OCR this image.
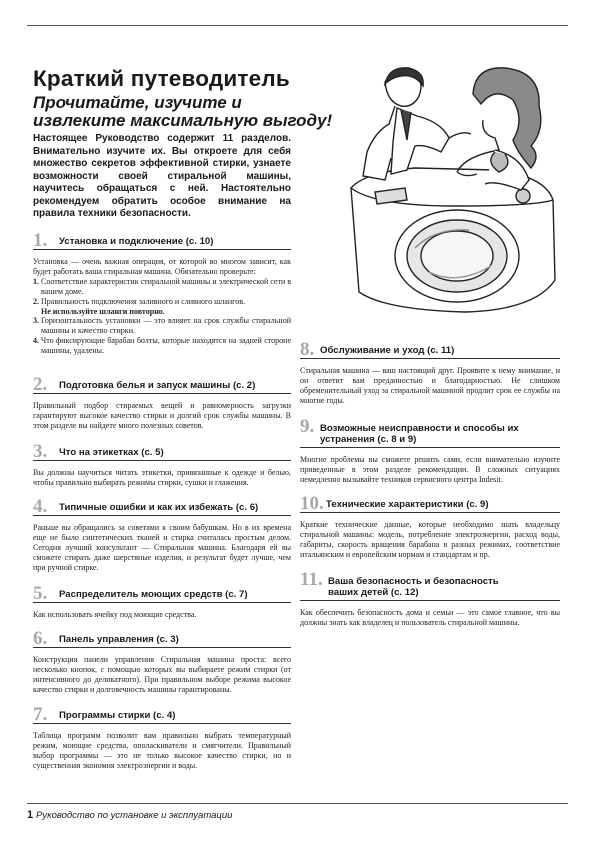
Краткий путеводитель
Прочитайте, изучите и извлеките максимальную выгоду!

Настоящее Руководство содержит 11 разделов. Внимательно изучите их. Вы откроете для себя множество секретов эффективной стирки, узнаете возможности своей стиральной машины, научитесь обращаться с ней. Настоятельно рекомендуем обратить особое внимание на правила техники безопасности.

1. Установка и подключение (с. 10)

Установка — очень важная операция, от которой во многом зависит, как будет работать ваша стиральная машина. Обязательно проверьте:

1. Соответствие характеристик стиральной машины и электрической сети в вашем доме.
2. Правильность подключения заливного и сливного шлангов.
Не используйте шланги повторно.
3. Горизонтальность установки — это влияет на срок службы стиральной машины и качество стирки.
4. Что фиксирующие барабан болты, которые находятся на задней стороне машины, удалены.
2. Подготовка белья и запуск машины (с. 2)

Правильный подбор стираемых вещей и равномерность загрузки гарантируют высокое качество стирки и долгий срок службы машины. В этом разделе вы найдете много полезных советов.

3. Что на этикетках (с. 5)

Вы должны научиться читать этикетки, привязанные к одежде и белью, чтобы правильно выбирать режимы стирки, сушки и глажения.

4. Типичные ошибки и как их избежать (с. 6)

Раньше вы обращались за советами к своим бабушкам. Но в их времена еще не было синтетических тканей и стирка считалась простым делом. Сегодня лучший консультант — Стиральная машина. Благодаря ей вы сможете стирать даже шерстяные изделия, и результат будет лучше, чем при ручной стирке.

5. Распределитель моющих средств (с. 7)

Как использовать ячейку под моющие средства.

6. Панель управления (с. 3)

Конструкция панели управления Стиральная машина проста: всего несколько кнопок, с помощью которых вы выбираете режим стирки (от интенсивного до деликатного). При правильном выборе режима высокое качество стирки и долговечность машины гарантированы.

7. Программы стирки (с. 4)

Таблица программ позволит вам правильно выбрать температурный режим, моющие средства, ополаскиватели и смягчители. Правильный выбор программы — это не только высокое качество стирки, но и существенная экономия электроэнергии и воды.

8. Обслуживание и уход (с. 11)

Стиральная машина — ваш настоящий друг. Проявите к нему внимание, и он ответит вам преданностью и благодарностью. Не слишком обременительный уход за стиральной машиной продлит срок ее службы на многие годы.

9. Возможные неисправности и способы их устранения (с. 8 и 9)

Многие проблемы вы сможете решить сами, если внимательно изучите приведенные в этом разделе рекомендации. В сложных ситуациях немедленно вызывайте техников сервисного центра Indesit.

10. Технические характеристики (с. 9)

Краткие технические данные, которые необходимо знать владельцу стиральной машины: модель, потребление электроэнергии, расход воды, габариты, скорость вращения барабана в разных режимах, соответствие итальянским и европейским нормам и стандартам и пр.

11. Ваша безопасность и безопасность ваших детей (с. 12)

Как обеспечить безопасность дома и семьи — это самое главное, что вы должны знать как владелец и пользователь стиральной машины.

1 Руководство по установке и эксплуатации
